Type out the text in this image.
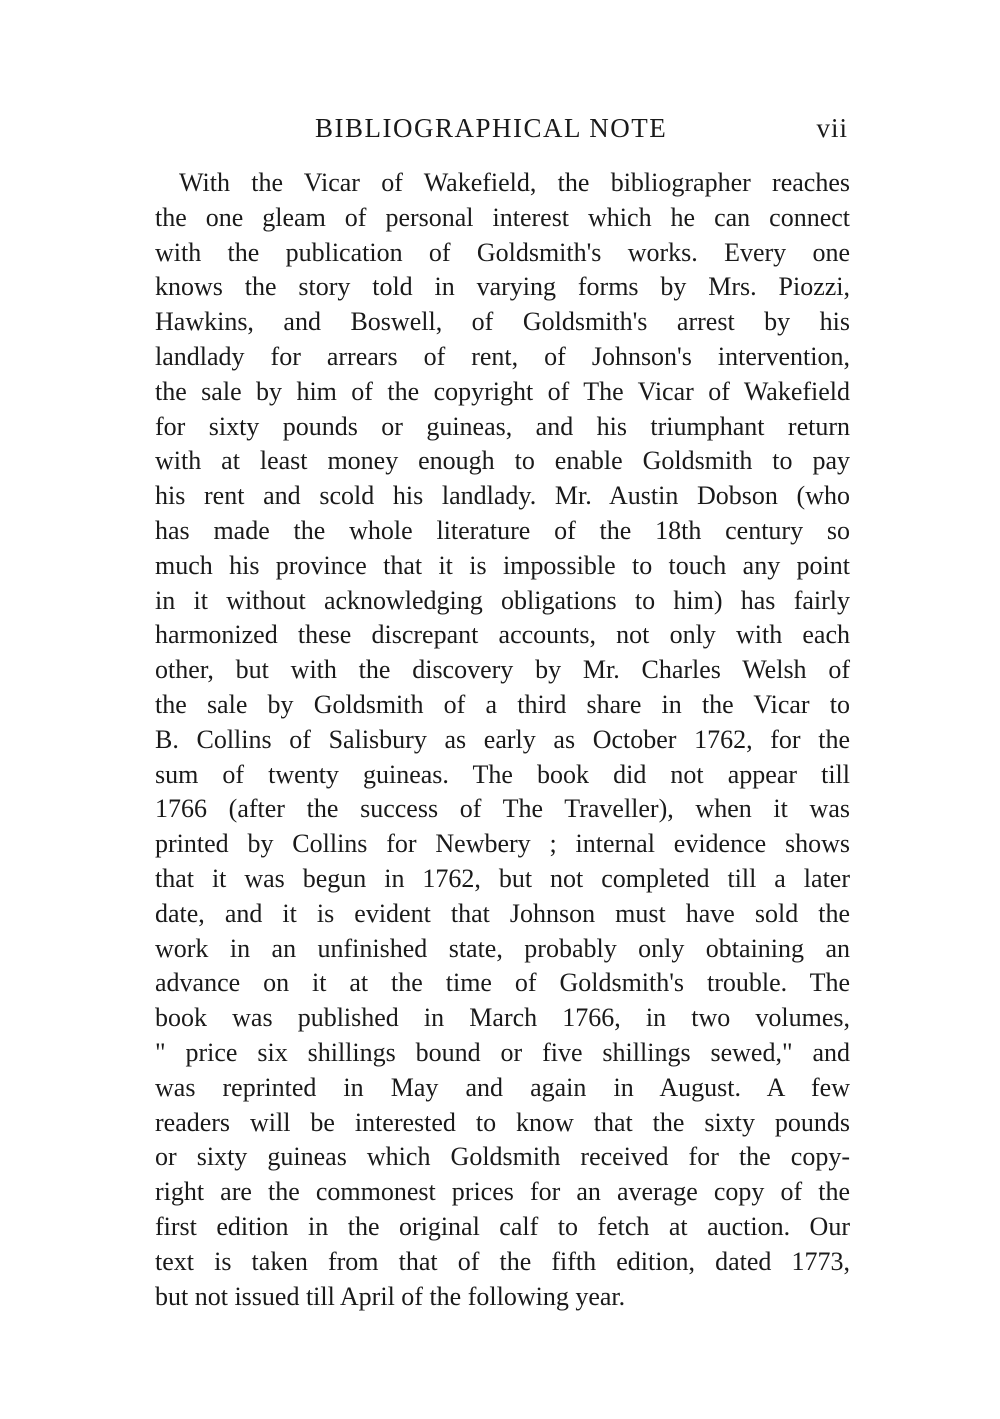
BIBLIOGRAPHICAL NOTE	vii
With the Vicar of Wakefield, the bibliographer reaches
the one gleam of personal interest which he can connect
with the publication of Goldsmith's works. Every one
knows the story told in varying forms by Mrs. Piozzi,
Hawkins, and Boswell, of Goldsmith's arrest by his
landlady for arrears of rent, of Johnson's intervention,
the sale by him of the copyright of The Vicar of Wakefield
for sixty pounds or guineas, and his triumphant return
with at least money enough to enable Goldsmith to pay
his rent and scold his landlady. Mr. Austin Dobson (who
has made the whole literature of the 18th century so
much his province that it is impossible to touch any point
in it without acknowledging obligations to him) has fairly
harmonized these discrepant accounts, not only with each
other, but with the discovery by Mr. Charles Welsh of
the sale by Goldsmith of a third share in the Vicar to
B. Collins of Salisbury as early as October 1762, for the
sum of twenty guineas. The book did not appear till
1766 (after the success of The Traveller), when it was
printed by Collins for Newbery ; internal evidence shows
that it was begun in 1762, but not completed till a later
date, and it is evident that Johnson must have sold the
work in an unfinished state, probably only obtaining an
advance on it at the time of Goldsmith's trouble. The
book was published in March 1766, in two volumes,
" price six shillings bound or five shillings sewed," and
was reprinted in May and again in August. A few
readers will be interested to know that the sixty pounds
or sixty guineas which Goldsmith received for the copy-
right are the commonest prices for an average copy of the
first edition in the original calf to fetch at auction. Our
text is taken from that of the fifth edition, dated 1773,
but not issued till April of the following year.
